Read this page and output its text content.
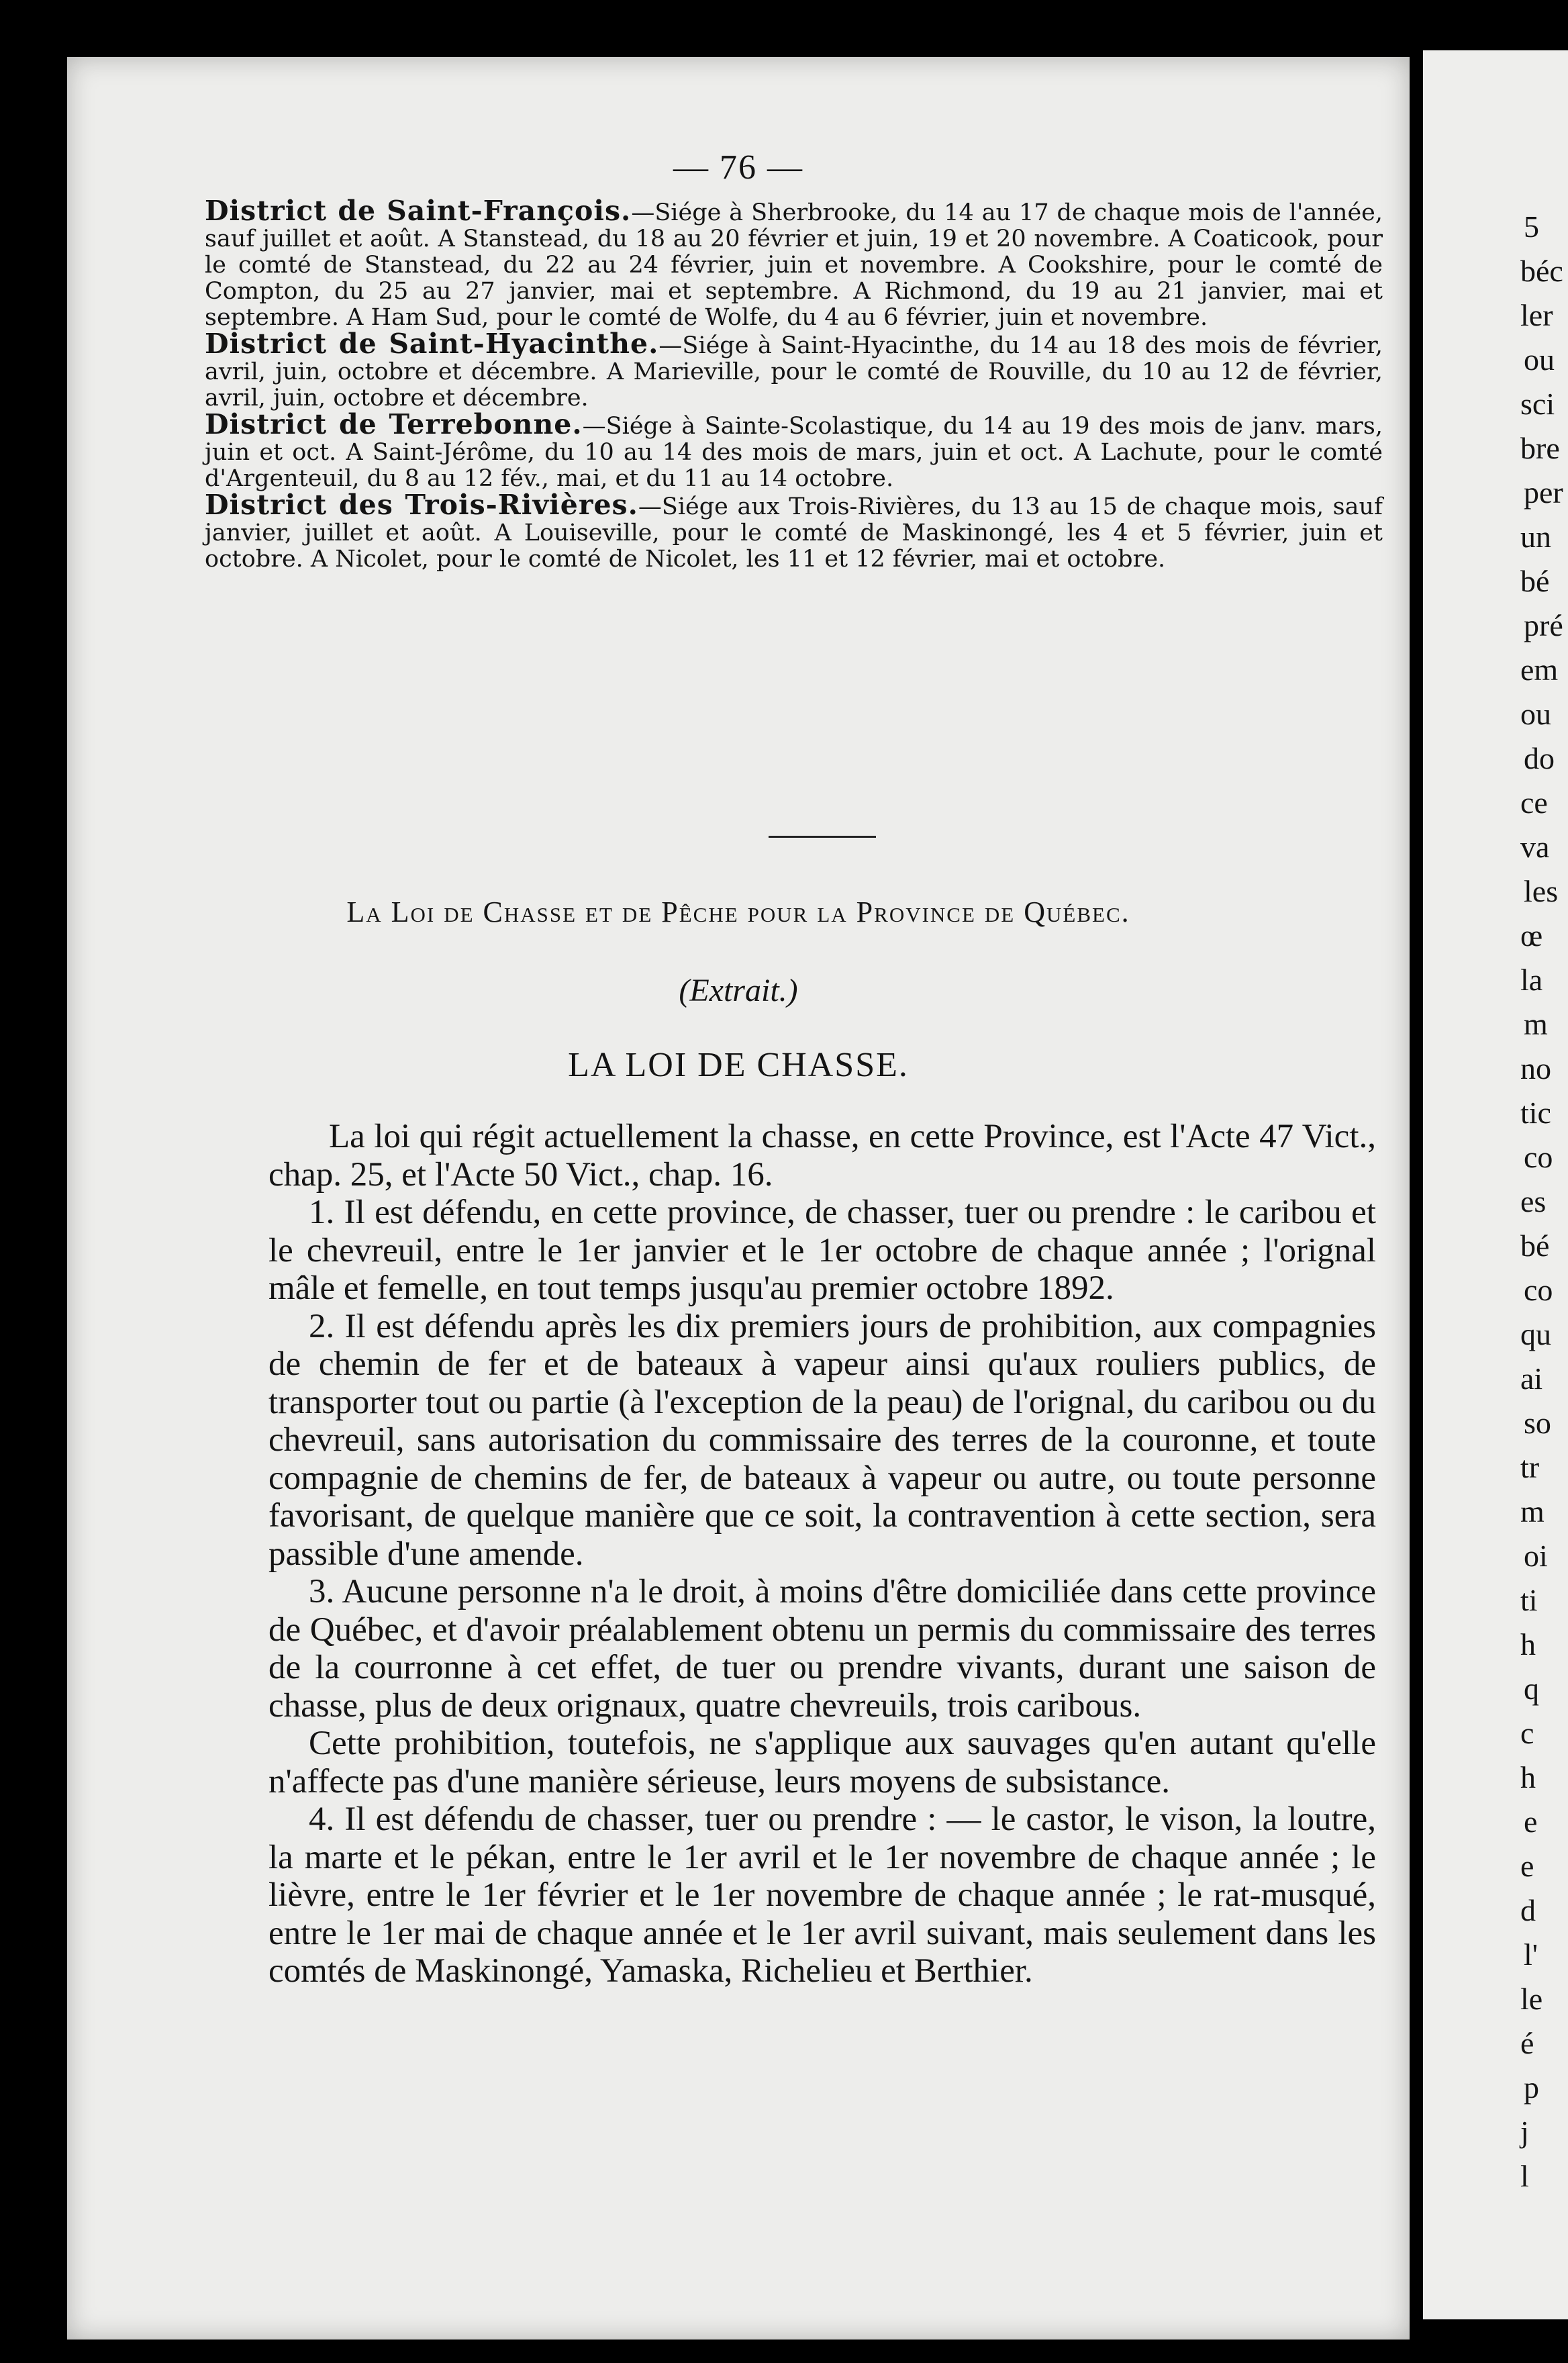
— 76 —

District de Saint-François.—Siége à Sherbrooke, du 14 au 17 de chaque mois de l'année, sauf juillet et août. A Stanstead, du 18 au 20 février et juin, 19 et 20 novembre. A Coaticook, pour le comté de Stanstead, du 22 au 24 février, juin et novembre. A Cookshire, pour le comté de Compton, du 25 au 27 janvier, mai et septembre. A Richmond, du 19 au 21 janvier, mai et septembre. A Ham Sud, pour le comté de Wolfe, du 4 au 6 février, juin et novembre.

District de Saint-Hyacinthe.—Siége à Saint-Hyacinthe, du 14 au 18 des mois de février, avril, juin, octobre et décembre. A Marieville, pour le comté de Rouville, du 10 au 12 de février, avril, juin, octobre et décembre.

District de Terrebonne.—Siége à Sainte-Scolastique, du 14 au 19 des mois de janv. mars, juin et oct. A Saint-Jérôme, du 10 au 14 des mois de mars, juin et oct. A Lachute, pour le comté d'Argenteuil, du 8 au 12 fév., mai, et du 11 au 14 octobre.

District des Trois-Rivières.—Siége aux Trois-Rivières, du 13 au 15 de chaque mois, sauf janvier, juillet et août. A Louiseville, pour le comté de Maskinongé, les 4 et 5 février, juin et octobre. A Nicolet, pour le comté de Nicolet, les 11 et 12 février, mai et octobre.

La Loi de Chasse et de Pêche pour la Province de Québec.
(Extrait.)
LA LOI DE CHASSE.

La loi qui régit actuellement la chasse, en cette Province, est l'Acte 47 Vict., chap. 25, et l'Acte 50 Vict., chap. 16.

1. Il est défendu, en cette province, de chasser, tuer ou prendre : le caribou et le chevreuil, entre le 1er janvier et le 1er octobre de chaque année ; l'orignal mâle et femelle, en tout temps jusqu'au premier octobre 1892.

2. Il est défendu après les dix premiers jours de prohibition, aux compagnies de chemin de fer et de bateaux à vapeur ainsi qu'aux rouliers publics, de transporter tout ou partie (à l'exception de la peau) de l'orignal, du caribou ou du chevreuil, sans autorisation du commissaire des terres de la couronne, et toute compagnie de chemins de fer, de bateaux à vapeur ou autre, ou toute personne favorisant, de quelque manière que ce soit, la contravention à cette section, sera passible d'une amende.

3. Aucune personne n'a le droit, à moins d'être domiciliée dans cette province de Québec, et d'avoir préalablement obtenu un permis du commissaire des terres de la courronne à cet effet, de tuer ou prendre vivants, durant une saison de chasse, plus de deux orignaux, quatre chevreuils, trois caribous.

Cette prohibition, toutefois, ne s'applique aux sauvages qu'en autant qu'elle n'affecte pas d'une manière sérieuse, leurs moyens de subsistance.

4. Il est défendu de chasser, tuer ou prendre : — le castor, le vison, la loutre, la marte et le pékan, entre le 1er avril et le 1er novembre de chaque année ; le lièvre, entre le 1er février et le 1er novembre de chaque année ; le rat-musqué, entre le 1er mai de chaque année et le 1er avril suivant, mais seulement dans les comtés de Maskinongé, Yamaska, Richelieu et Berthier.

5
béc
ler
ou
sci
bre
per
un
bé
pré
em
ou
do
ce
va
les
œ
la
m
no
tic
co
es
bé
co
qu
ai
so
tr
m
oi
ti
h
q
c
h
e
e
d
l'
le
é
p
j
l
